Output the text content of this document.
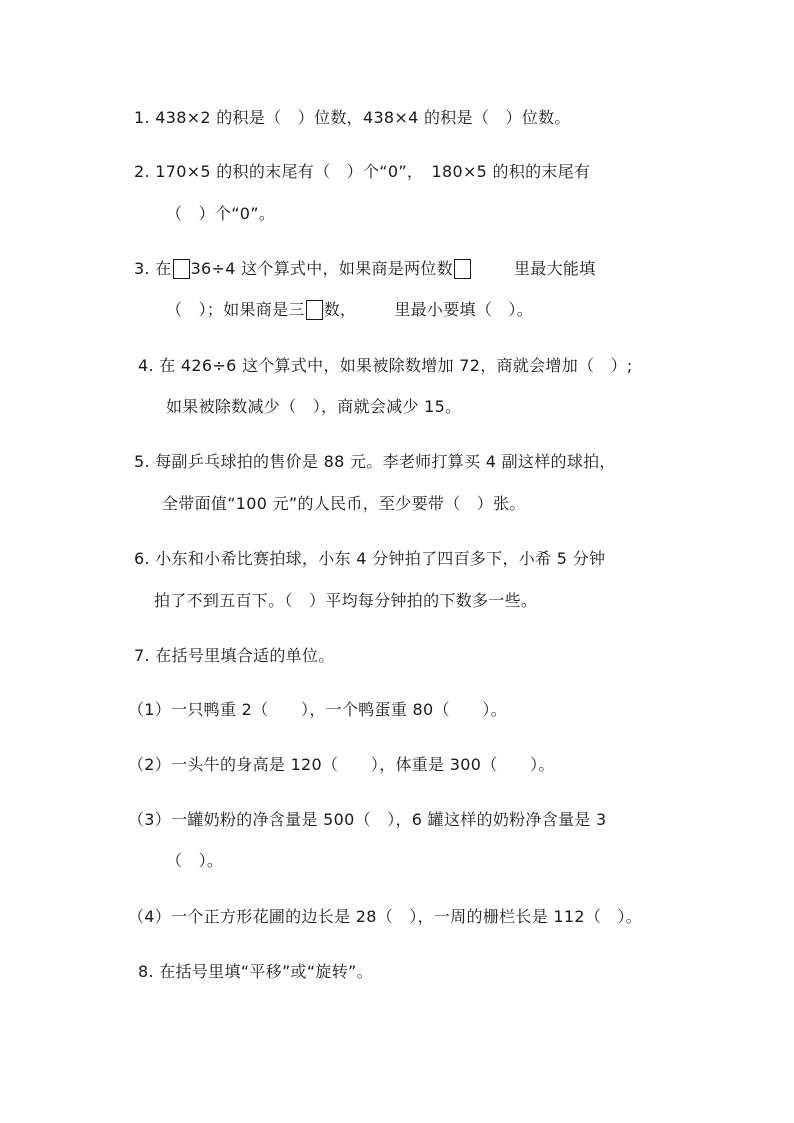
1. 438×2 的积是（　）位数，438×4 的积是（　）位数。
2. 170×5 的积的末尾有（　）个“0”，　180×5 的积的末尾有
（　）个“0”。
3. 在 36÷4 这个算式中，如果商是两位数	里最大能填
（　）；如果商是三 数， 里最小要填（　）。
4. 在 426÷6 这个算式中，如果被除数增加 72，商就会增加（　）;
如果被除数减少（　），商就会减少 15。
5. 每副乒乓球拍的售价是 88 元。李老师打算买 4 副这样的球拍，
全带面值“100 元”的人民币，至少要带（　）张。
6. 小东和小希比赛拍球，小东 4 分钟拍了四百多下，小希 5 分钟
拍了不到五百下。（　）平均每分钟拍的下数多一些。
7. 在括号里填合适的单位。
（1）一只鸭重 2（　　），一个鸭蛋重 80（　　）。
（2）一头牛的身高是 120（　　），体重是 300（　　）。
（3）一罐奶粉的净含量是 500（　），6 罐这样的奶粉净含量是 3
（　）。
（4）一个正方形花圃的边长是 28（　），一周的栅栏长是 112（　）。
8. 在括号里填“平移”或“旋转”。
